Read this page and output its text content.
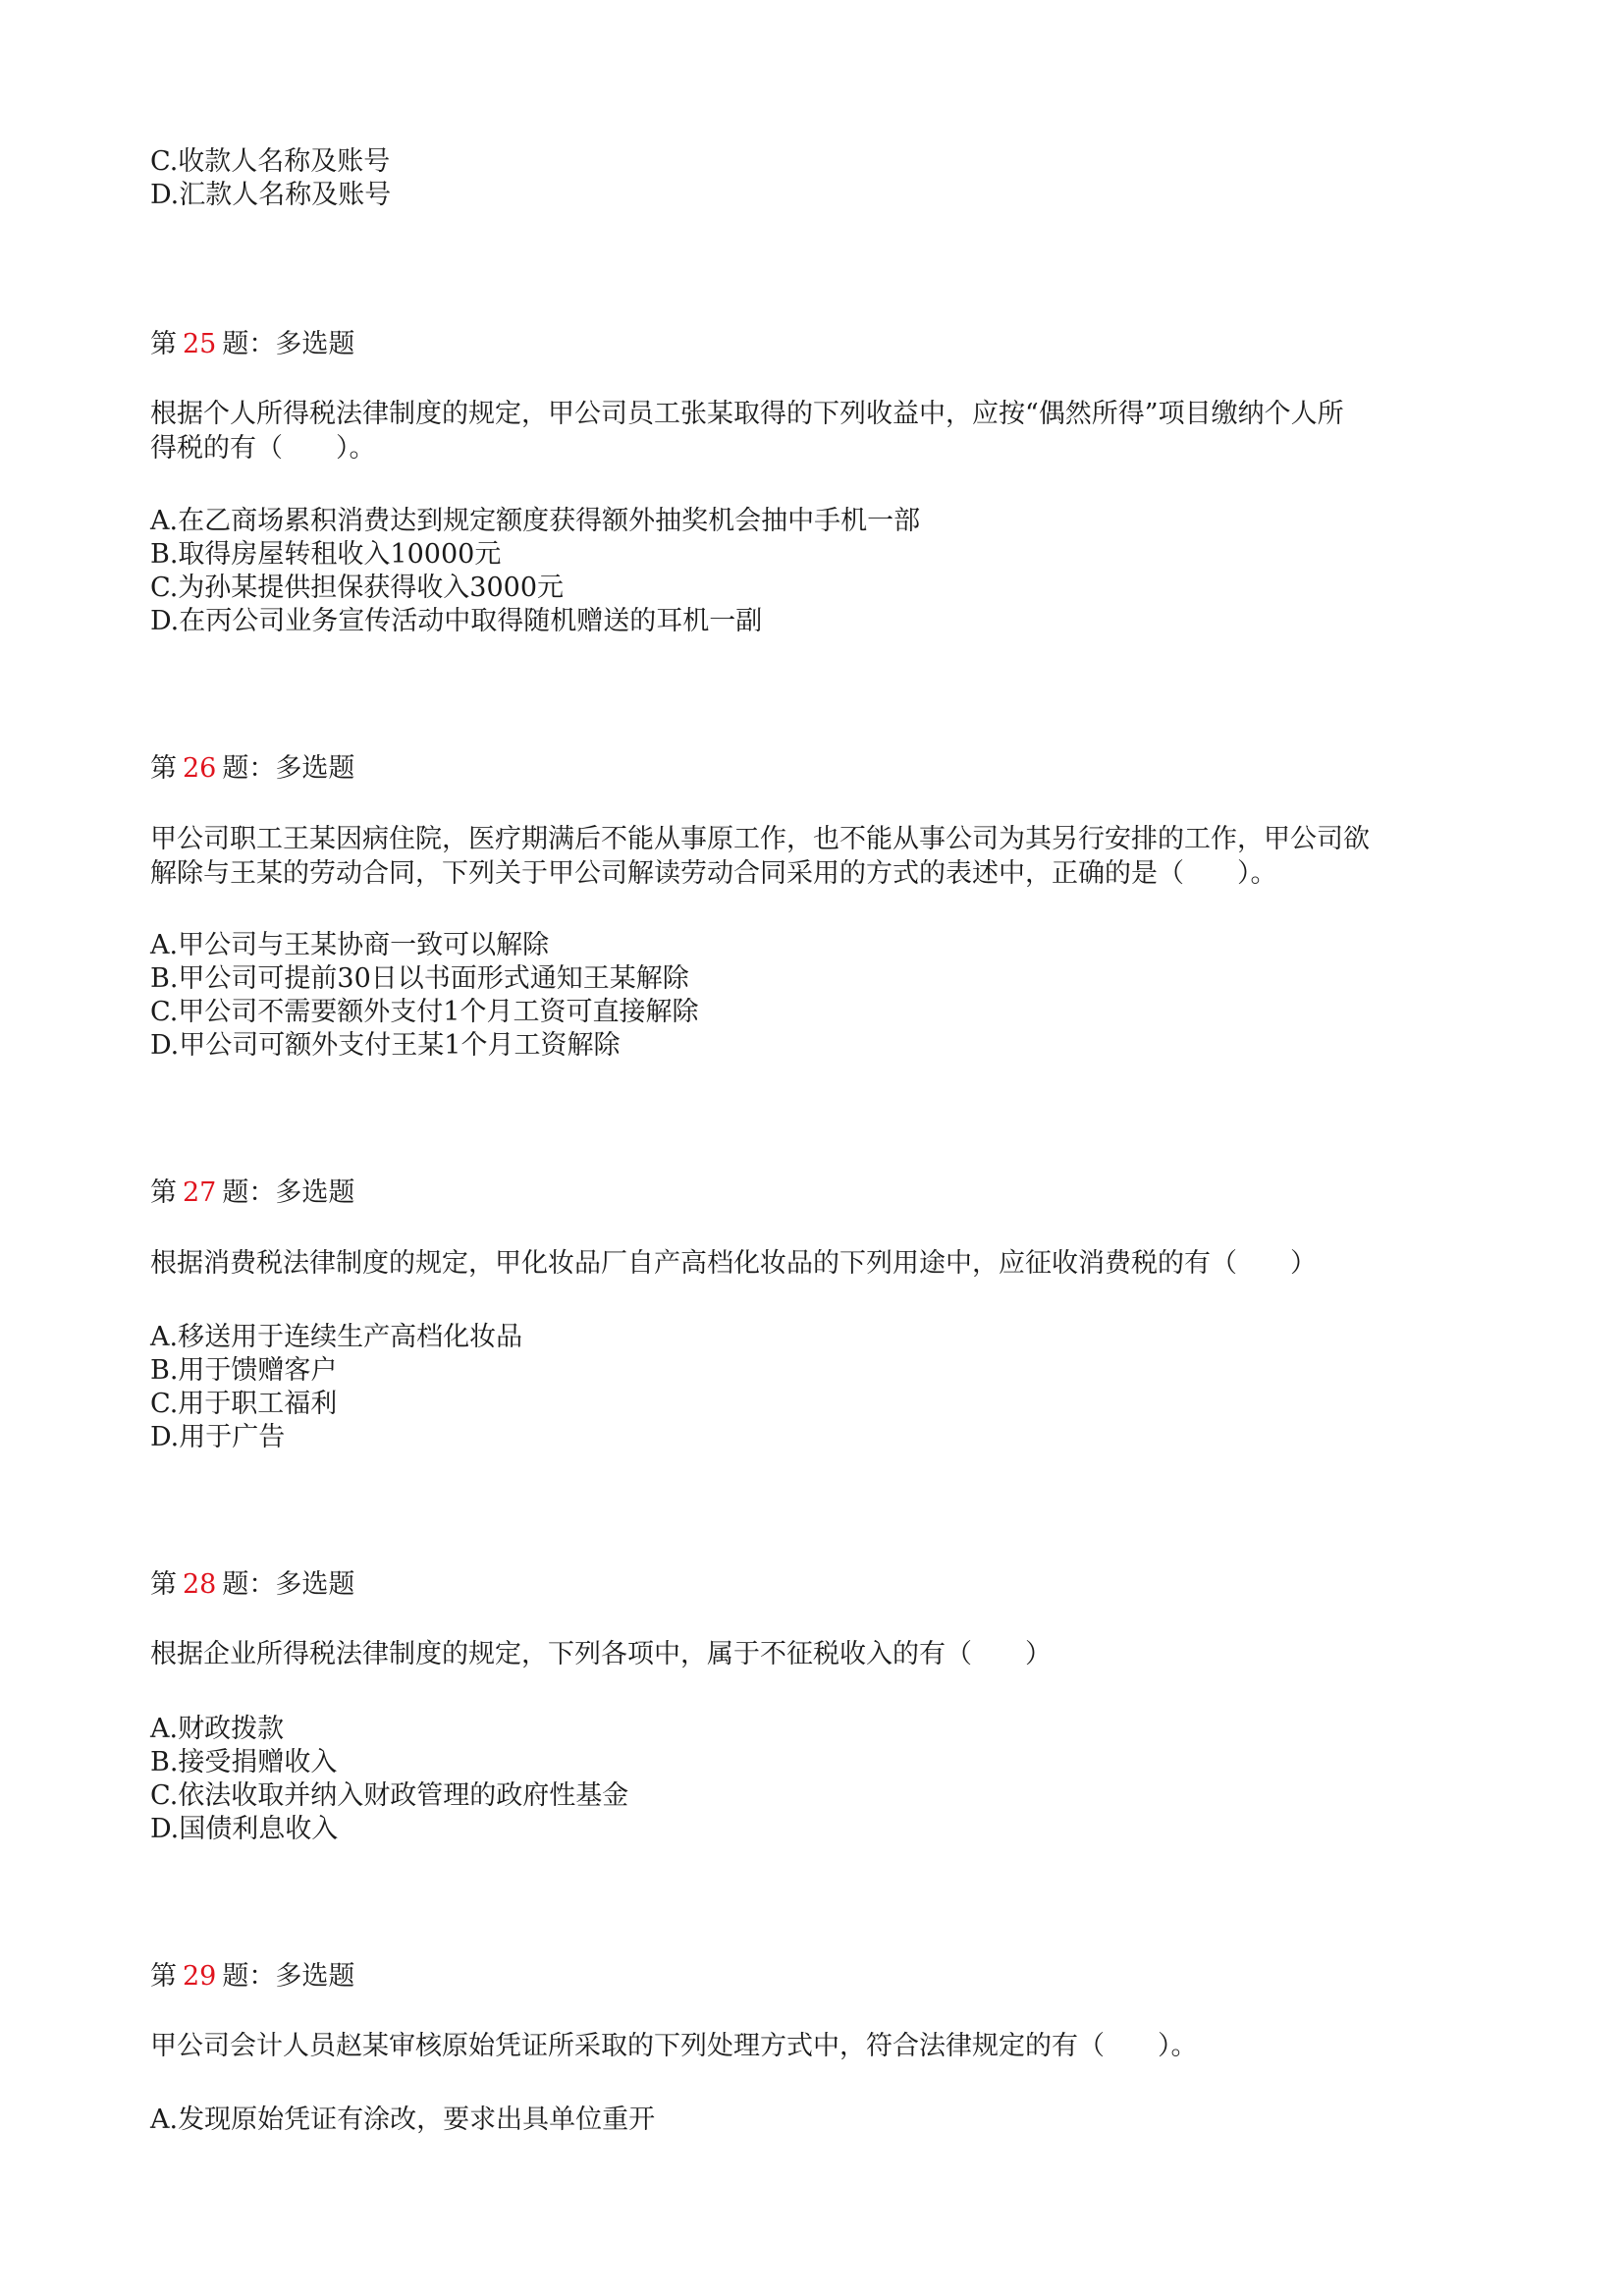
C.收款人名称及账号
D.汇款人名称及账号
第 25 题：多选题
根据个人所得税法律制度的规定，甲公司员工张某取得的下列收益中，应按“偶然所得”项目缴纳个人所
得税的有（　　）。
A.在乙商场累积消费达到规定额度获得额外抽奖机会抽中手机一部
B.取得房屋转租收入10000元
C.为孙某提供担保获得收入3000元
D.在丙公司业务宣传活动中取得随机赠送的耳机一副
第 26 题：多选题
甲公司职工王某因病住院，医疗期满后不能从事原工作，也不能从事公司为其另行安排的工作，甲公司欲
解除与王某的劳动合同，下列关于甲公司解读劳动合同采用的方式的表述中，正确的是（　　）。
A.甲公司与王某协商一致可以解除
B.甲公司可提前30日以书面形式通知王某解除
C.甲公司不需要额外支付1个月工资可直接解除
D.甲公司可额外支付王某1个月工资解除
第 27 题：多选题
根据消费税法律制度的规定，甲化妆品厂自产高档化妆品的下列用途中，应征收消费税的有（　　）
A.移送用于连续生产高档化妆品
B.用于馈赠客户
C.用于职工福利
D.用于广告
第 28 题：多选题
根据企业所得税法律制度的规定，下列各项中，属于不征税收入的有（　　）
A.财政拨款
B.接受捐赠收入
C.依法收取并纳入财政管理的政府性基金
D.国债利息收入
第 29 题：多选题
甲公司会计人员赵某审核原始凭证所采取的下列处理方式中，符合法律规定的有（　　）。
A.发现原始凭证有涂改，要求出具单位重开
